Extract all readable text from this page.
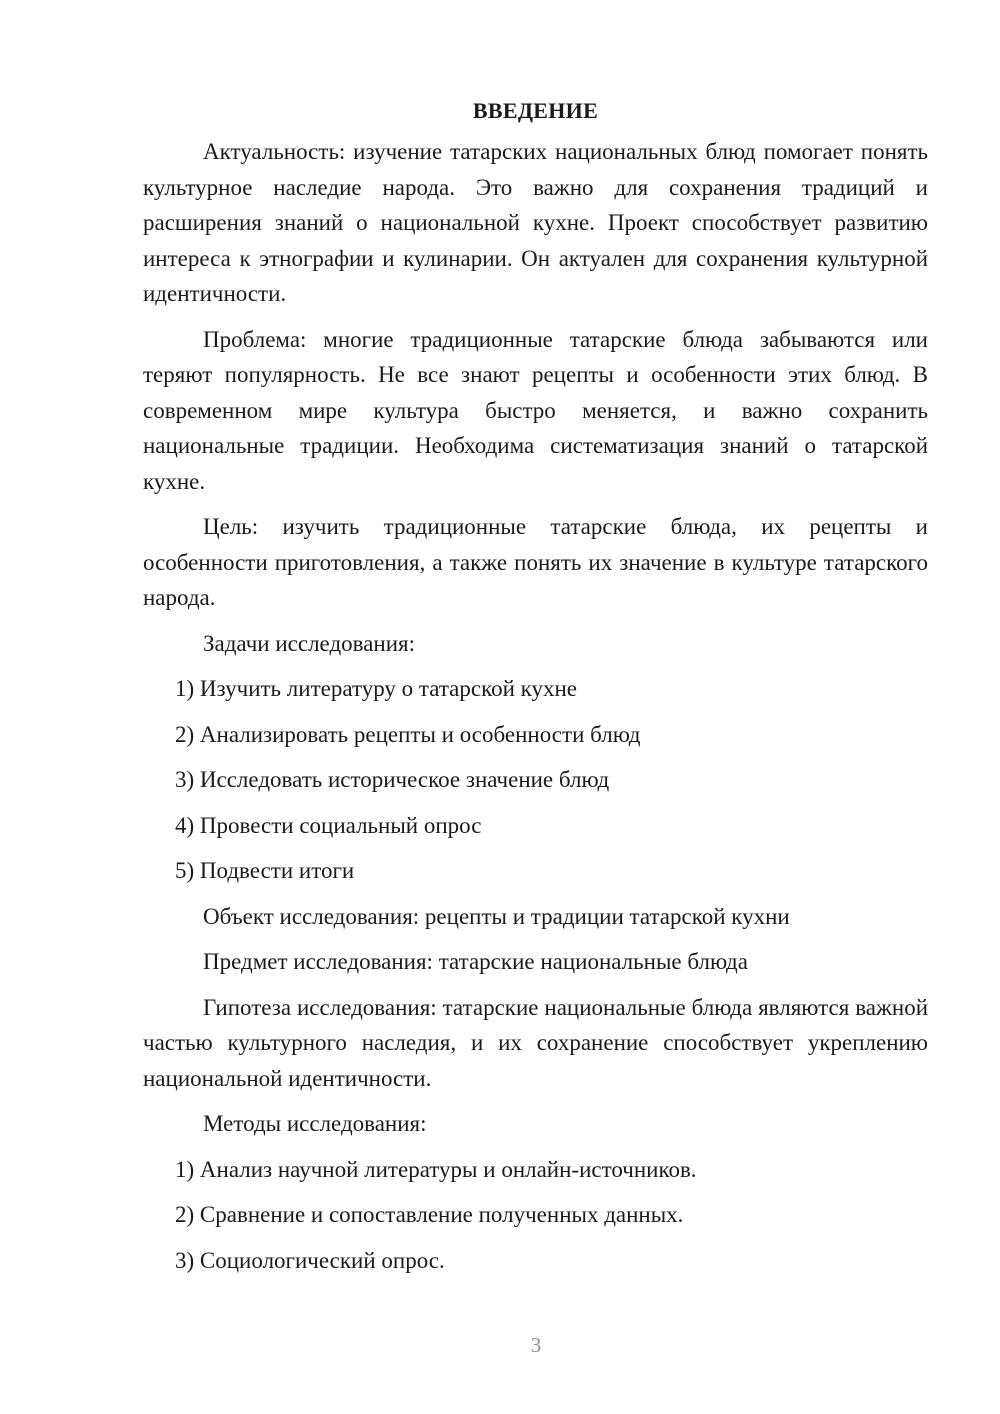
ВВЕДЕНИЕ

Актуальность: изучение татарских национальных блюд помогает понять культурное наследие народа. Это важно для сохранения традиций и расширения знаний о национальной кухне. Проект способствует развитию интереса к этнографии и кулинарии. Он актуален для сохранения культурной идентичности.

Проблема: многие традиционные татарские блюда забываются или теряют популярность. Не все знают рецепты и особенности этих блюд. В современном мире культура быстро меняется, и важно сохранить национальные традиции. Необходима систематизация знаний о татарской кухне.

Цель: изучить традиционные татарские блюда, их рецепты и особенности приготовления, а также понять их значение в культуре татарского народа.

Задачи исследования:

1) Изучить литературу о татарской кухне
2) Анализировать рецепты и особенности блюд
3) Исследовать историческое значение блюд
4) Провести социальный опрос
5) Подвести итоги

Объект исследования: рецепты и традиции татарской кухни

Предмет исследования: татарские национальные блюда

Гипотеза исследования: татарские национальные блюда являются важной частью культурного наследия, и их сохранение способствует укреплению национальной идентичности.

Методы исследования:

1) Анализ научной литературы и онлайн-источников.
2) Сравнение и сопоставление полученных данных.
3) Социологический опрос.
3
